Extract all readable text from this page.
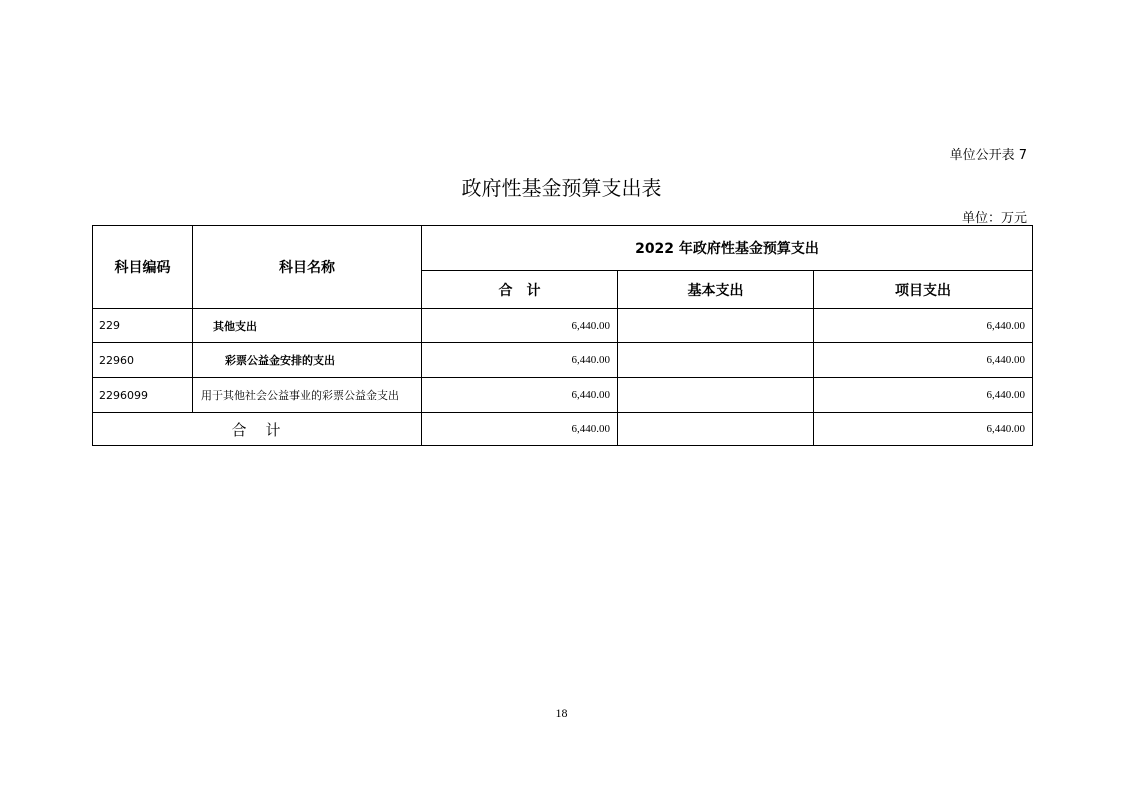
单位公开表 7
政府性基金预算支出表
单位：万元
科目编码	科目名称	2022 年政府性基金预算支出		
		合　计	基本支出	项目支出
229	其他支出	6,440.00		6,440.00
22960	彩票公益金安排的支出	6,440.00		6,440.00
2296099	用于其他社会公益事业的彩票公益金支出	6,440.00		6,440.00
合　计		6,440.00		6,440.00
18
